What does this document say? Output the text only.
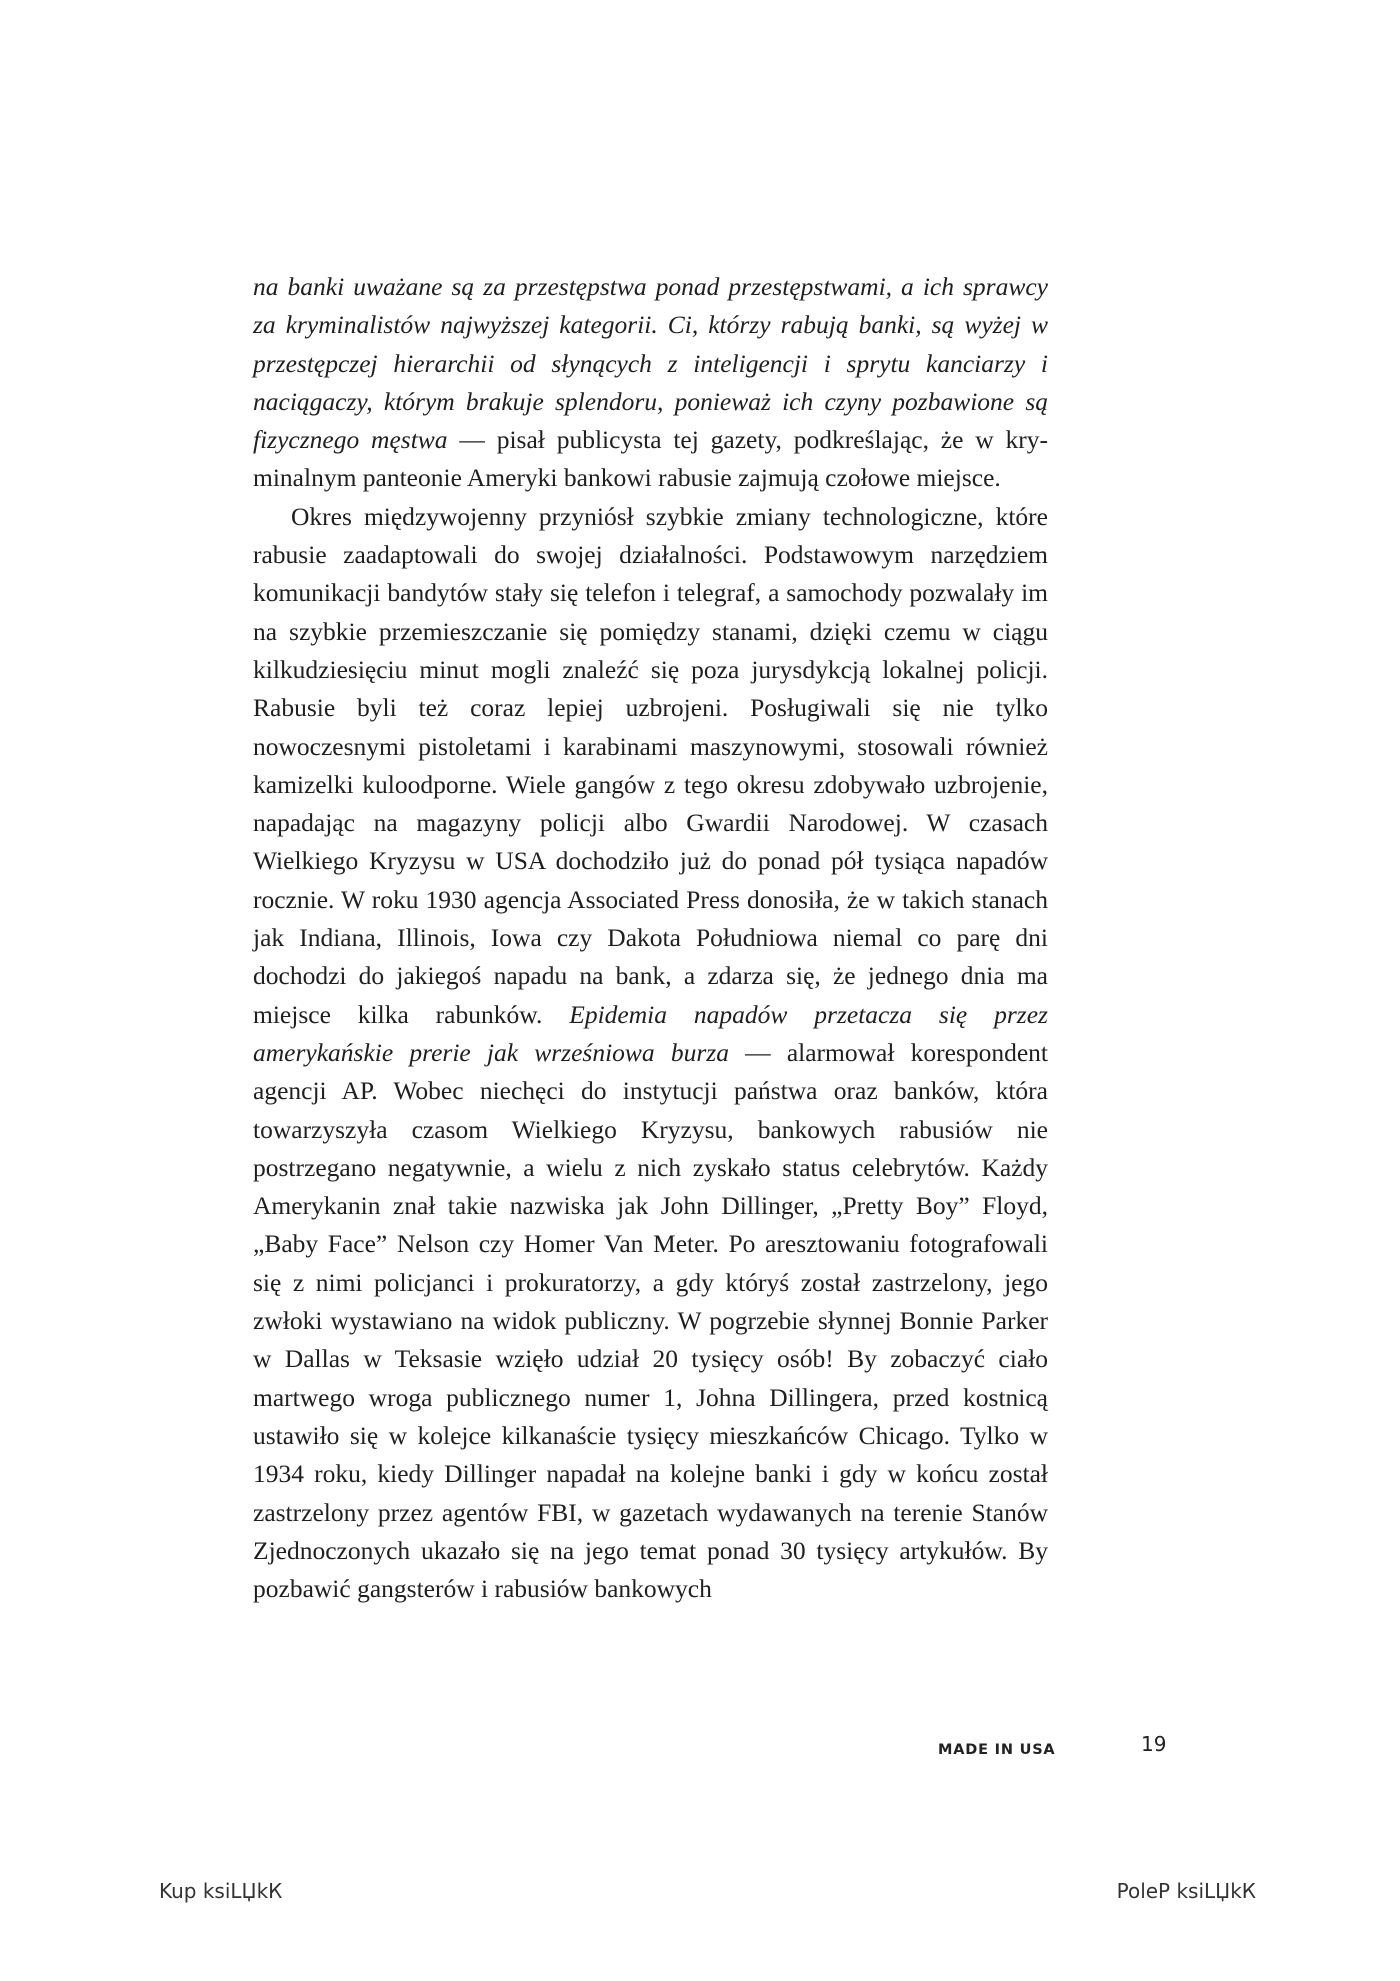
na banki uważane są za przestępstwa ponad przestępstwami, a ich sprawcy za kryminalistów najwyższej kategorii. Ci, którzy rabują banki, są wyżej w przestępczej hierarchii od słynących z inteligencji i sprytu kanciarzy i naciągaczy, którym brakuje splendoru, ponieważ ich czyny pozbawione są fizycznego męstwa — pisał publicysta tej gazety, podkreślając, że w kryminalnym panteonie Ameryki bankowi rabusie zajmują czołowe miejsce.

Okres międzywojenny przyniósł szybkie zmiany technologiczne, które rabusie zaadaptowali do swojej działalności. Podstawowym narzędziem komunikacji bandytów stały się telefon i telegraf, a samochody pozwalały im na szybkie przemieszczanie się pomiędzy stanami, dzięki czemu w ciągu kilkudziesięciu minut mogli znaleźć się poza jurysdykcją lokalnej policji. Rabusie byli też coraz lepiej uzbrojeni. Posługiwali się nie tylko nowoczesnymi pistoletami i karabinami maszynowymi, stosowali również kamizelki kuloodporne. Wiele gangów z tego okresu zdobywało uzbrojenie, napadając na magazyny policji albo Gwardii Narodowej. W czasach Wielkiego Kryzysu w USA dochodziło już do ponad pół tysiąca napadów rocznie. W roku 1930 agencja Associated Press donosiła, że w takich stanach jak Indiana, Illinois, Iowa czy Dakota Południowa niemal co parę dni dochodzi do jakiegoś napadu na bank, a zdarza się, że jednego dnia ma miejsce kilka rabunków. Epidemia napadów przetacza się przez amerykańskie prerie jak wrześniowa burza — alarmował korespondent agencji AP. Wobec niechęci do instytucji państwa oraz banków, która towarzyszyła czasom Wielkiego Kryzysu, bankowych rabusiów nie postrzegano negatywnie, a wielu z nich zyskało status celebrytów. Każdy Amerykanin znał takie nazwiska jak John Dillinger, „Pretty Boy” Floyd, „Baby Face” Nelson czy Homer Van Meter. Po aresztowaniu fotografowali się z nimi policjanci i prokuratorzy, a gdy któryś został zastrzelony, jego zwłoki wystawiano na widok publiczny. W pogrzebie słynnej Bonnie Parker w Dallas w Teksasie wzięło udział 20 tysięcy osób! By zobaczyć ciało martwego wroga publicznego numer 1, Johna Dillingera, przed kostnicą ustawiło się w kolejce kilkanaście tysięcy mieszkańców Chicago. Tylko w 1934 roku, kiedy Dillinger napadał na kolejne banki i gdy w końcu został zastrzelony przez agentów FBI, w gazetach wydawanych na terenie Stanów Zjednoczonych ukazało się na jego temat ponad 30 tysięcy artykułów. By pozbawić gangsterów i rabusiów bankowych

MADE IN USA	19
Kup ksiLЏkК	PoleР ksiLЏkК
